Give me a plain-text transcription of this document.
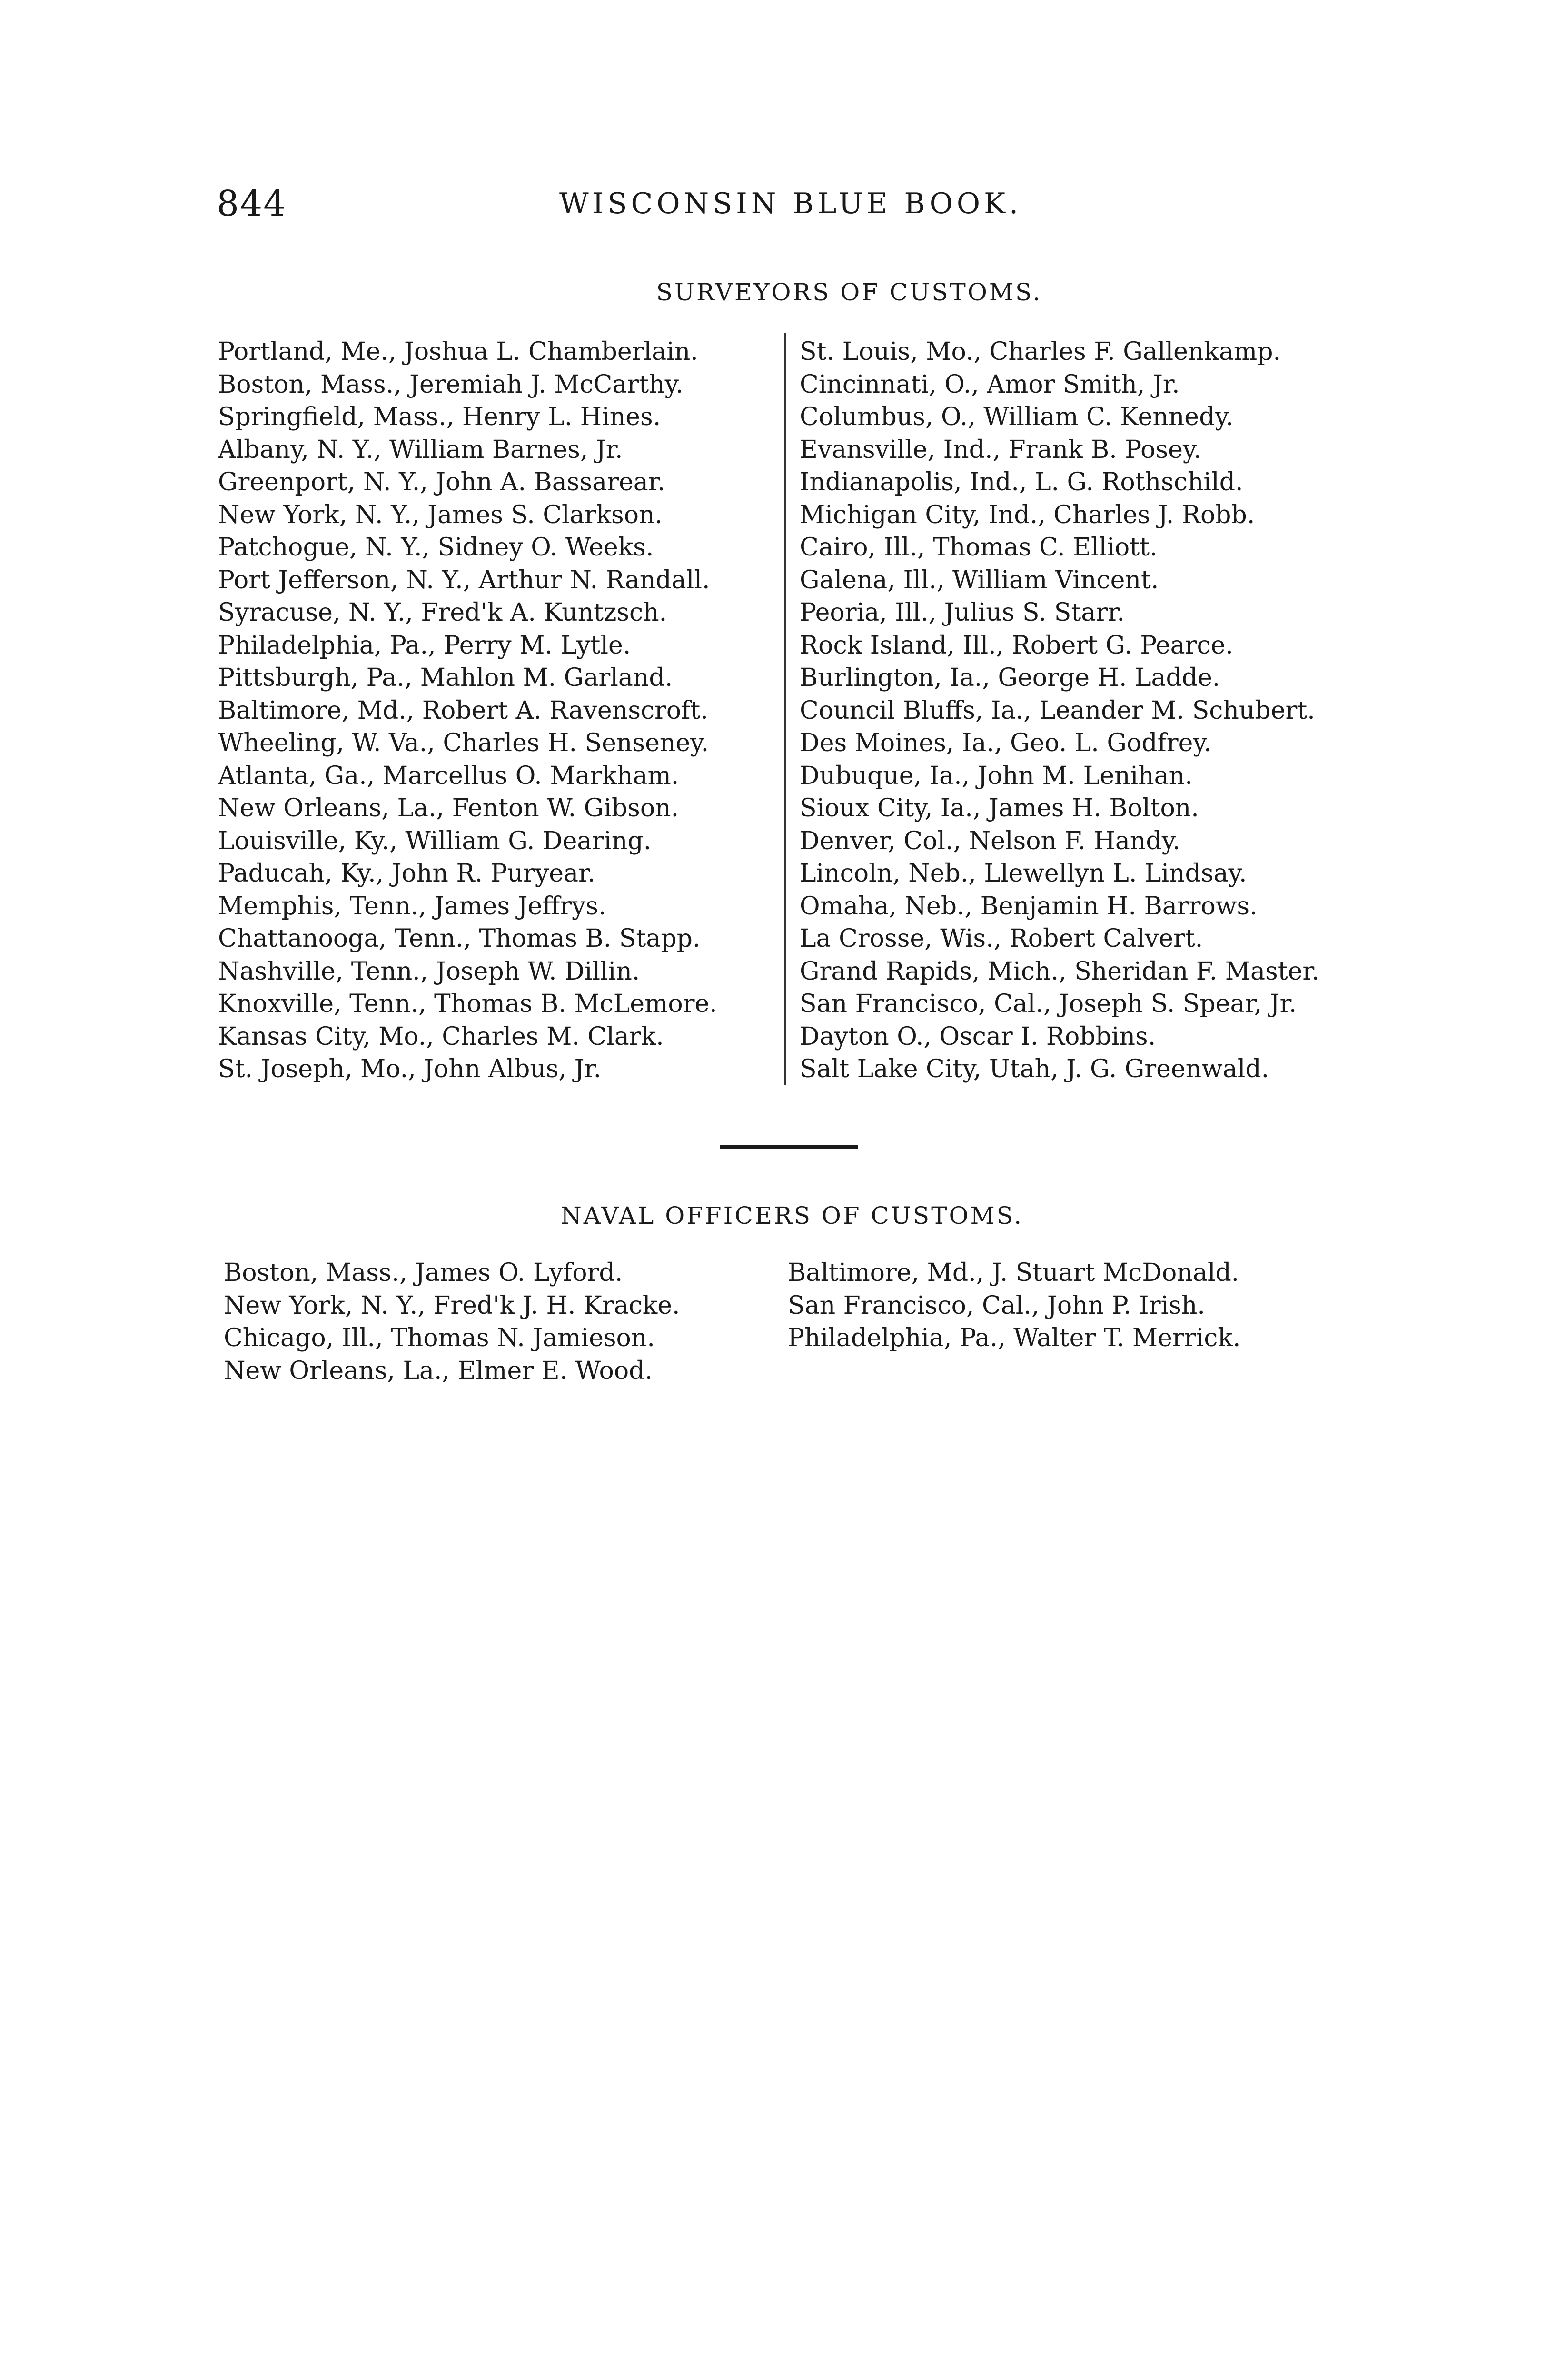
844	WISCONSIN BLUE BOOK.
SURVEYORS OF CUSTOMS.
Portland, Me., Joshua L. Chamberlain.
Boston, Mass., Jeremiah J. McCarthy.
Springfield, Mass., Henry L. Hines.
Albany, N. Y., William Barnes, Jr.
Greenport, N. Y., John A. Bassarear.
New York, N. Y., James S. Clarkson.
Patchogue, N. Y., Sidney O. Weeks.
Port Jefferson, N. Y., Arthur N. Randall.
Syracuse, N. Y., Fred'k A. Kuntzsch.
Philadelphia, Pa., Perry M. Lytle.
Pittsburgh, Pa., Mahlon M. Garland.
Baltimore, Md., Robert A. Ravenscroft.
Wheeling, W. Va., Charles H. Senseney.
Atlanta, Ga., Marcellus O. Markham.
New Orleans, La., Fenton W. Gibson.
Louisville, Ky., William G. Dearing.
Paducah, Ky., John R. Puryear.
Memphis, Tenn., James Jeffrys.
Chattanooga, Tenn., Thomas B. Stapp.
Nashville, Tenn., Joseph W. Dillin.
Knoxville, Tenn., Thomas B. McLemore.
Kansas City, Mo., Charles M. Clark.
St. Joseph, Mo., John Albus, Jr.
St. Louis, Mo., Charles F. Gallenkamp.
Cincinnati, O., Amor Smith, Jr.
Columbus, O., William C. Kennedy.
Evansville, Ind., Frank B. Posey.
Indianapolis, Ind., L. G. Rothschild.
Michigan City, Ind., Charles J. Robb.
Cairo, Ill., Thomas C. Elliott.
Galena, Ill., William Vincent.
Peoria, Ill., Julius S. Starr.
Rock Island, Ill., Robert G. Pearce.
Burlington, Ia., George H. Ladde.
Council Bluffs, Ia., Leander M. Schubert.
Des Moines, Ia., Geo. L. Godfrey.
Dubuque, Ia., John M. Lenihan.
Sioux City, Ia., James H. Bolton.
Denver, Col., Nelson F. Handy.
Lincoln, Neb., Llewellyn L. Lindsay.
Omaha, Neb., Benjamin H. Barrows.
La Crosse, Wis., Robert Calvert.
Grand Rapids, Mich., Sheridan F. Master.
San Francisco, Cal., Joseph S. Spear, Jr.
Dayton O., Oscar I. Robbins.
Salt Lake City, Utah, J. G. Greenwald.
NAVAL OFFICERS OF CUSTOMS.
Boston, Mass., James O. Lyford.
New York, N. Y., Fred'k J. H. Kracke.
Chicago, Ill., Thomas N. Jamieson.
New Orleans, La., Elmer E. Wood.
Baltimore, Md., J. Stuart McDonald.
San Francisco, Cal., John P. Irish.
Philadelphia, Pa., Walter T. Merrick.
